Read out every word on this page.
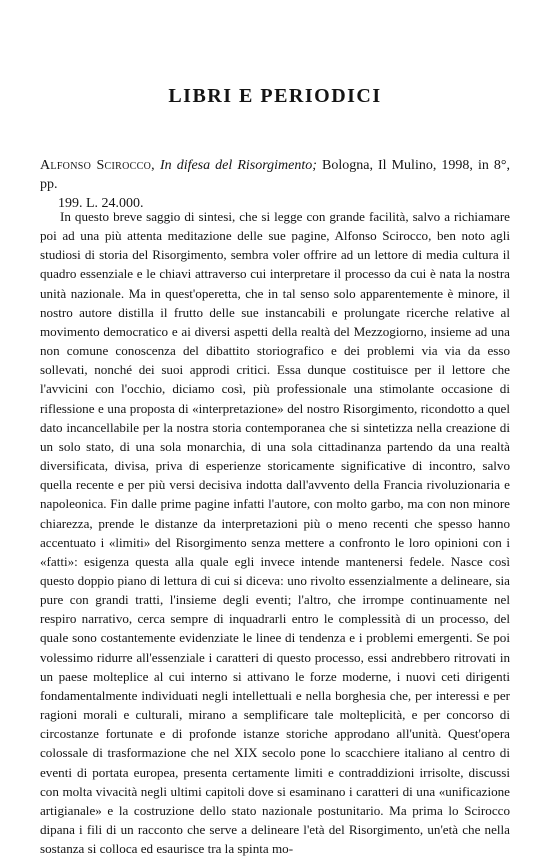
LIBRI E PERIODICI

Alfonso Scirocco, In difesa del Risorgimento; Bologna, Il Mulino, 1998, in 8°, pp.
199. L. 24.000.

In questo breve saggio di sintesi, che si legge con grande facilità, salvo a richiamare poi ad una più attenta meditazione delle sue pagine, Alfonso Scirocco, ben noto agli studiosi di storia del Risorgimento, sembra voler offrire ad un lettore di media cultura il quadro essenziale e le chiavi attraverso cui interpretare il processo da cui è nata la nostra unità nazionale. Ma in quest'operetta, che in tal senso solo apparentemente è minore, il nostro autore distilla il frutto delle sue instancabili e prolungate ricerche relative al movimento democratico e ai diversi aspetti della realtà del Mezzogiorno, insieme ad una non comune conoscenza del dibattito storiografico e dei problemi via via da esso sollevati, nonché dei suoi approdi critici. Essa dunque costituisce per il lettore che l'avvicini con l'occhio, diciamo così, più professionale una stimolante occasione di riflessione e una proposta di «interpretazione» del nostro Risorgimento, ricondotto a quel dato incancellabile per la nostra storia contemporanea che si sintetizza nella creazione di un solo stato, di una sola monarchia, di una sola cittadinanza partendo da una realtà diversificata, divisa, priva di esperienze storicamente significative di incontro, salvo quella recente e per più versi decisiva indotta dall'avvento della Francia rivoluzionaria e napoleonica. Fin dalle prime pagine infatti l'autore, con molto garbo, ma con non minore chiarezza, prende le distanze da interpretazioni più o meno recenti che spesso hanno accentuato i «limiti» del Risorgimento senza mettere a confronto le loro opinioni con i «fatti»: esigenza questa alla quale egli invece intende mantenersi fedele. Nasce così questo doppio piano di lettura di cui si diceva: uno rivolto essenzialmente a delineare, sia pure con grandi tratti, l'insieme degli eventi; l'altro, che irrompe continuamente nel respiro narrativo, cerca sempre di inquadrarli entro le complessità di un processo, del quale sono costantemente evidenziate le linee di tendenza e i problemi emergenti. Se poi volessimo ridurre all'essenziale i caratteri di questo processo, essi andrebbero ritrovati in un paese molteplice al cui interno si attivano le forze moderne, i nuovi ceti dirigenti fondamentalmente individuati negli intellettuali e nella borghesia che, per interessi e per ragioni morali e culturali, mirano a semplificare tale molteplicità, e per concorso di circostanze fortunate e di profonde istanze storiche approdano all'unità. Quest'opera colossale di trasformazione che nel XIX secolo pone lo scacchiere italiano al centro di eventi di portata europea, presenta certamente limiti e contraddizioni irrisolte, discussi con molta vivacità negli ultimi capitoli dove si esaminano i caratteri di una «unificazione artigianale» e la costruzione dello stato nazionale postunitario. Ma prima lo Scirocco dipana i fili di un racconto che serve a delineare l'età del Risorgimento, un'età che nella sostanza si colloca ed esaurisce tra la spinta mo-
